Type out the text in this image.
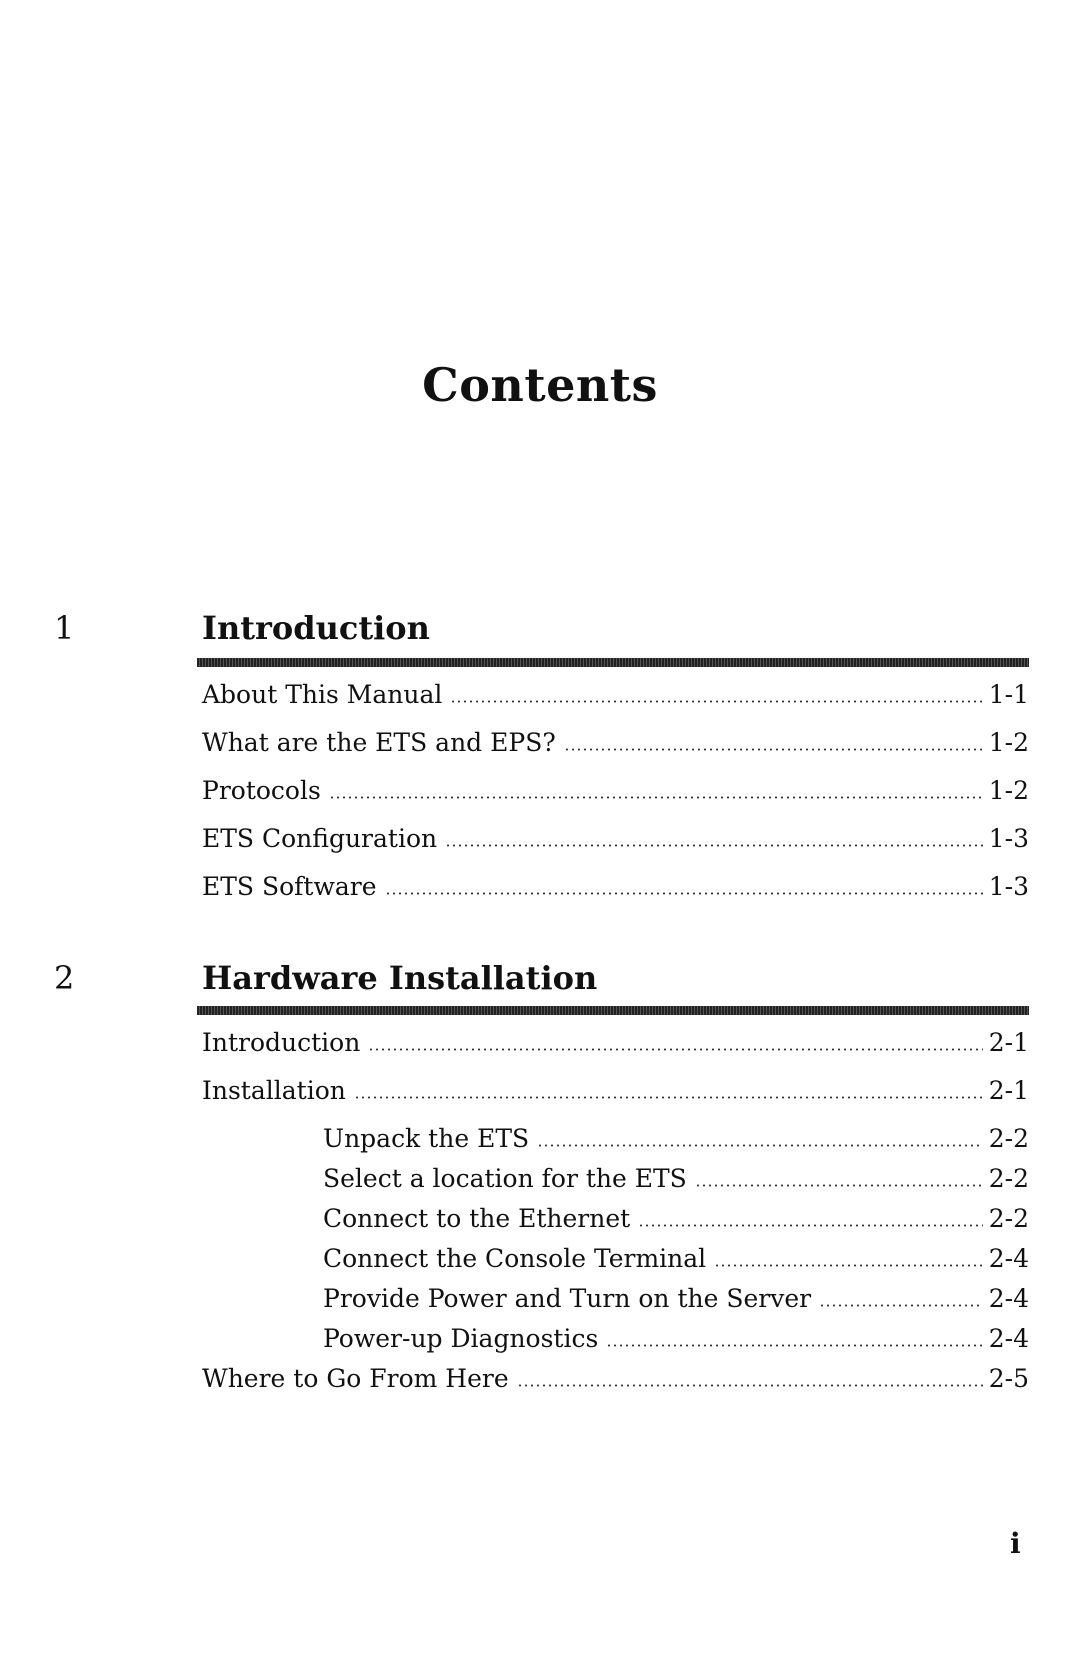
Contents
1	Introduction
About This Manual	1-1
What are the ETS and EPS?	1-2
Protocols	1-2
ETS Configuration	1-3
ETS Software	1-3
2	Hardware Installation
Introduction	2-1
Installation	2-1
Unpack the ETS	2-2
Select a location for the ETS	2-2
Connect to the Ethernet	2-2
Connect the Console Terminal	2-4
Provide Power and Turn on the Server	2-4
Power-up Diagnostics	2-4
Where to Go From Here	2-5
i
